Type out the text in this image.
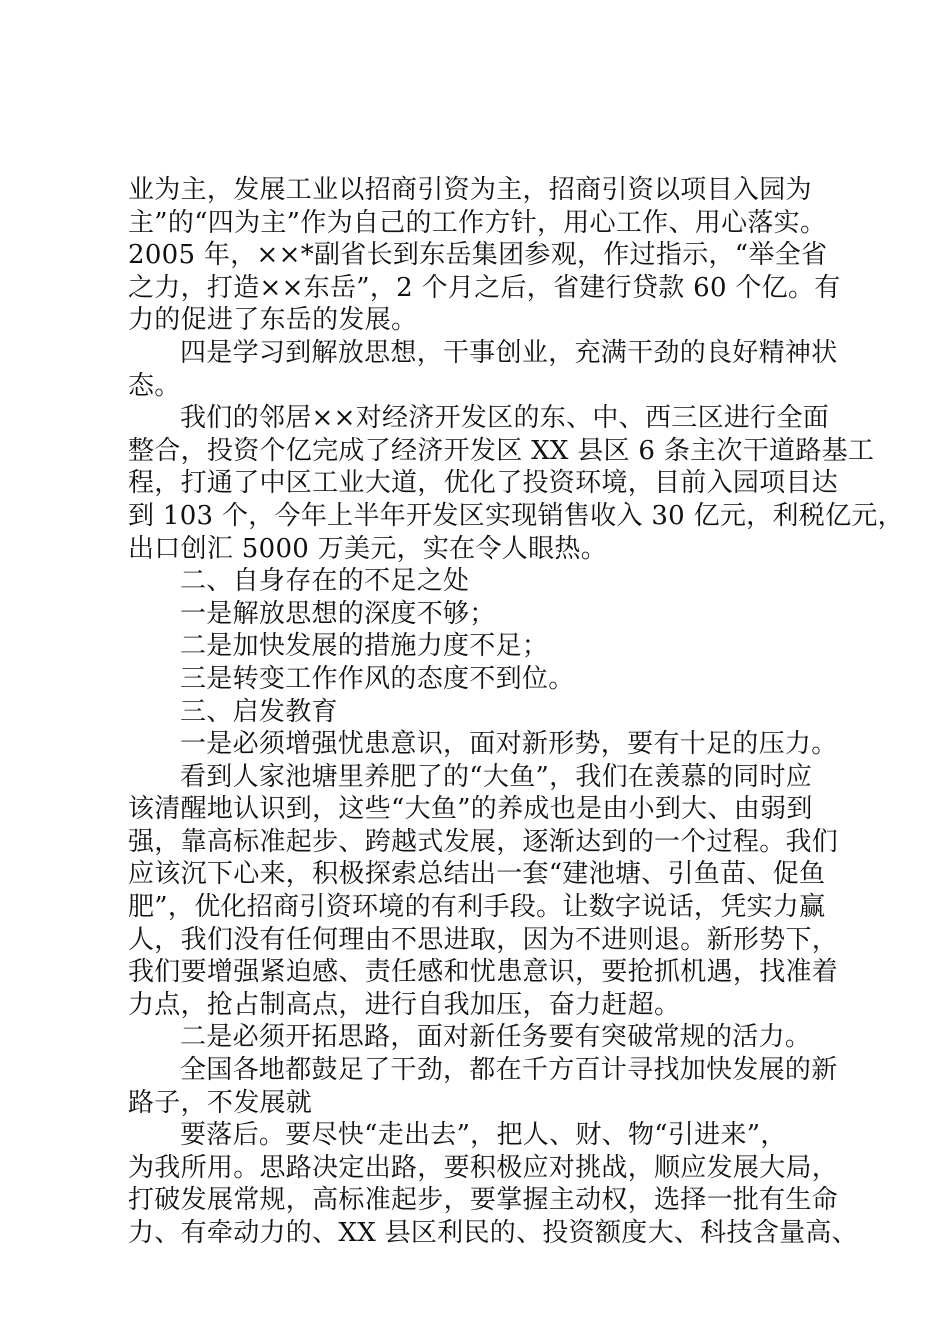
业为主，发展工业以招商引资为主，招商引资以项目入园为
主”的“四为主”作为自己的工作方针，用心工作、用心落实。
2005 年，××*副省长到东岳集团参观，作过指示，“举全省
之力，打造××东岳”，2 个月之后，省建行贷款 60 个亿。有
力的促进了东岳的发展。
四是学习到解放思想，干事创业，充满干劲的良好精神状
态。
我们的邻居××对经济开发区的东、中、西三区进行全面
整合，投资个亿完成了经济开发区 XX 县区 6 条主次干道路基工
程，打通了中区工业大道，优化了投资环境，目前入园项目达
到 103 个，今年上半年开发区实现销售收入 30 亿元，利税亿元，
出口创汇 5000 万美元，实在令人眼热。
二、自身存在的不足之处
一是解放思想的深度不够；
二是加快发展的措施力度不足；
三是转变工作作风的态度不到位。
三、启发教育
一是必须增强忧患意识，面对新形势，要有十足的压力。
看到人家池塘里养肥了的“大鱼”，我们在羡慕的同时应
该清醒地认识到，这些“大鱼”的养成也是由小到大、由弱到
强，靠高标准起步、跨越式发展，逐渐达到的一个过程。我们
应该沉下心来，积极探索总结出一套“建池塘、引鱼苗、促鱼
肥”，优化招商引资环境的有利手段。让数字说话，凭实力赢
人，我们没有任何理由不思进取，因为不进则退。新形势下，
我们要增强紧迫感、责任感和忧患意识，要抢抓机遇，找准着
力点，抢占制高点，进行自我加压，奋力赶超。
二是必须开拓思路，面对新任务要有突破常规的活力。
全国各地都鼓足了干劲，都在千方百计寻找加快发展的新
路子，不发展就
要落后。要尽快“走出去”，把人、财、物“引进来”，
为我所用。思路决定出路，要积极应对挑战，顺应发展大局，
打破发展常规，高标准起步，要掌握主动权，选择一批有生命
力、有牵动力的、XX 县区利民的、投资额度大、科技含量高、
